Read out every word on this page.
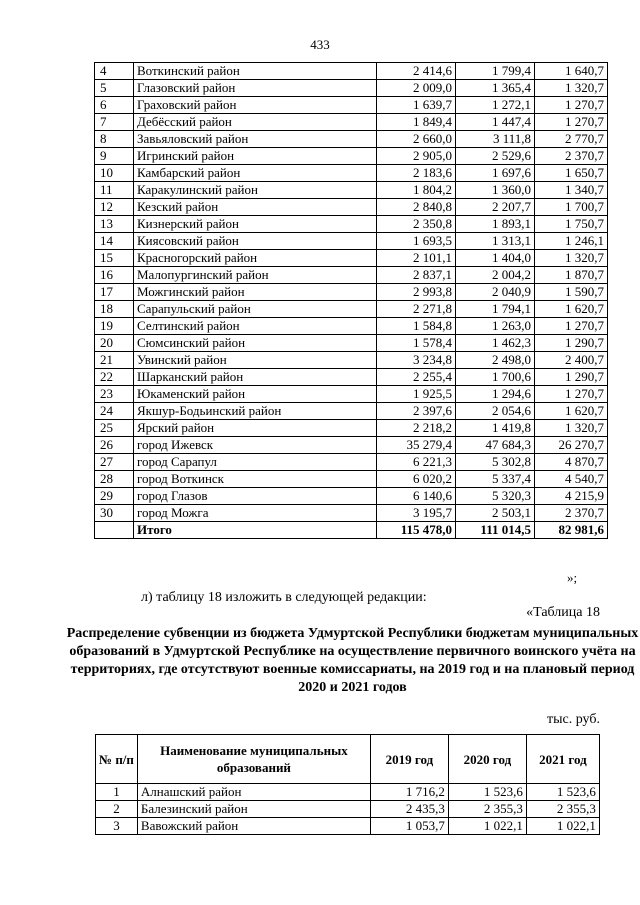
433
4	Воткинский район	2 414,6	1 799,4	1 640,7
5	Глазовский район	2 009,0	1 365,4	1 320,7
6	Граховский район	1 639,7	1 272,1	1 270,7
7	Дебёсский район	1 849,4	1 447,4	1 270,7
8	Завьяловский район	2 660,0	3 111,8	2 770,7
9	Игринский район	2 905,0	2 529,6	2 370,7
10	Камбарский район	2 183,6	1 697,6	1 650,7
11	Каракулинский район	1 804,2	1 360,0	1 340,7
12	Кезский район	2 840,8	2 207,7	1 700,7
13	Кизнерский район	2 350,8	1 893,1	1 750,7
14	Киясовский район	1 693,5	1 313,1	1 246,1
15	Красногорский район	2 101,1	1 404,0	1 320,7
16	Малопургинский район	2 837,1	2 004,2	1 870,7
17	Можгинский район	2 993,8	2 040,9	1 590,7
18	Сарапульский район	2 271,8	1 794,1	1 620,7
19	Селтинский район	1 584,8	1 263,0	1 270,7
20	Сюмсинский район	1 578,4	1 462,3	1 290,7
21	Увинский район	3 234,8	2 498,0	2 400,7
22	Шарканский район	2 255,4	1 700,6	1 290,7
23	Юкаменский район	1 925,5	1 294,6	1 270,7
24	Якшур-Бодьинский район	2 397,6	2 054,6	1 620,7
25	Ярский район	2 218,2	1 419,8	1 320,7
26	город Ижевск	35 279,4	47 684,3	26 270,7
27	город Сарапул	6 221,3	5 302,8	4 870,7
28	город Воткинск	6 020,2	5 337,4	4 540,7
29	город Глазов	6 140,6	5 320,3	4 215,9
30	город Можга	3 195,7	2 503,1	2 370,7
	Итого	115 478,0	111 014,5	82 981,6
»;
л) таблицу 18 изложить в следующей редакции:
«Таблица 18
Распределение субвенции из бюджета Удмуртской Республики бюджетам муниципальных образований в Удмуртской Республике на осуществление первичного воинского учёта на территориях, где отсутствуют военные комиссариаты, на 2019 год и на плановый период 2020 и 2021 годов
тыс. руб.
№ п/п	Наименование муниципальных образований	2019 год	2020 год	2021 год
1	Алнашский район	1 716,2	1 523,6	1 523,6
2	Балезинский район	2 435,3	2 355,3	2 355,3
3	Вавожский район	1 053,7	1 022,1	1 022,1
